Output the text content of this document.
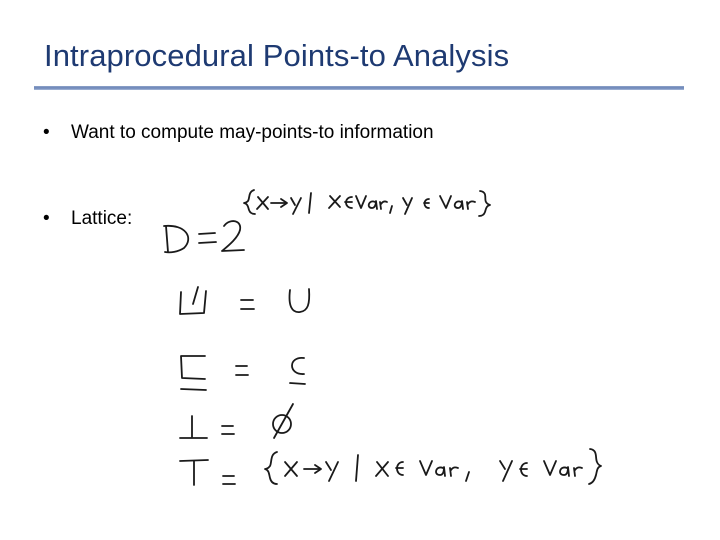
Intraprocedural Points-to Analysis
• Want to compute may-points-to information
• Lattice:
